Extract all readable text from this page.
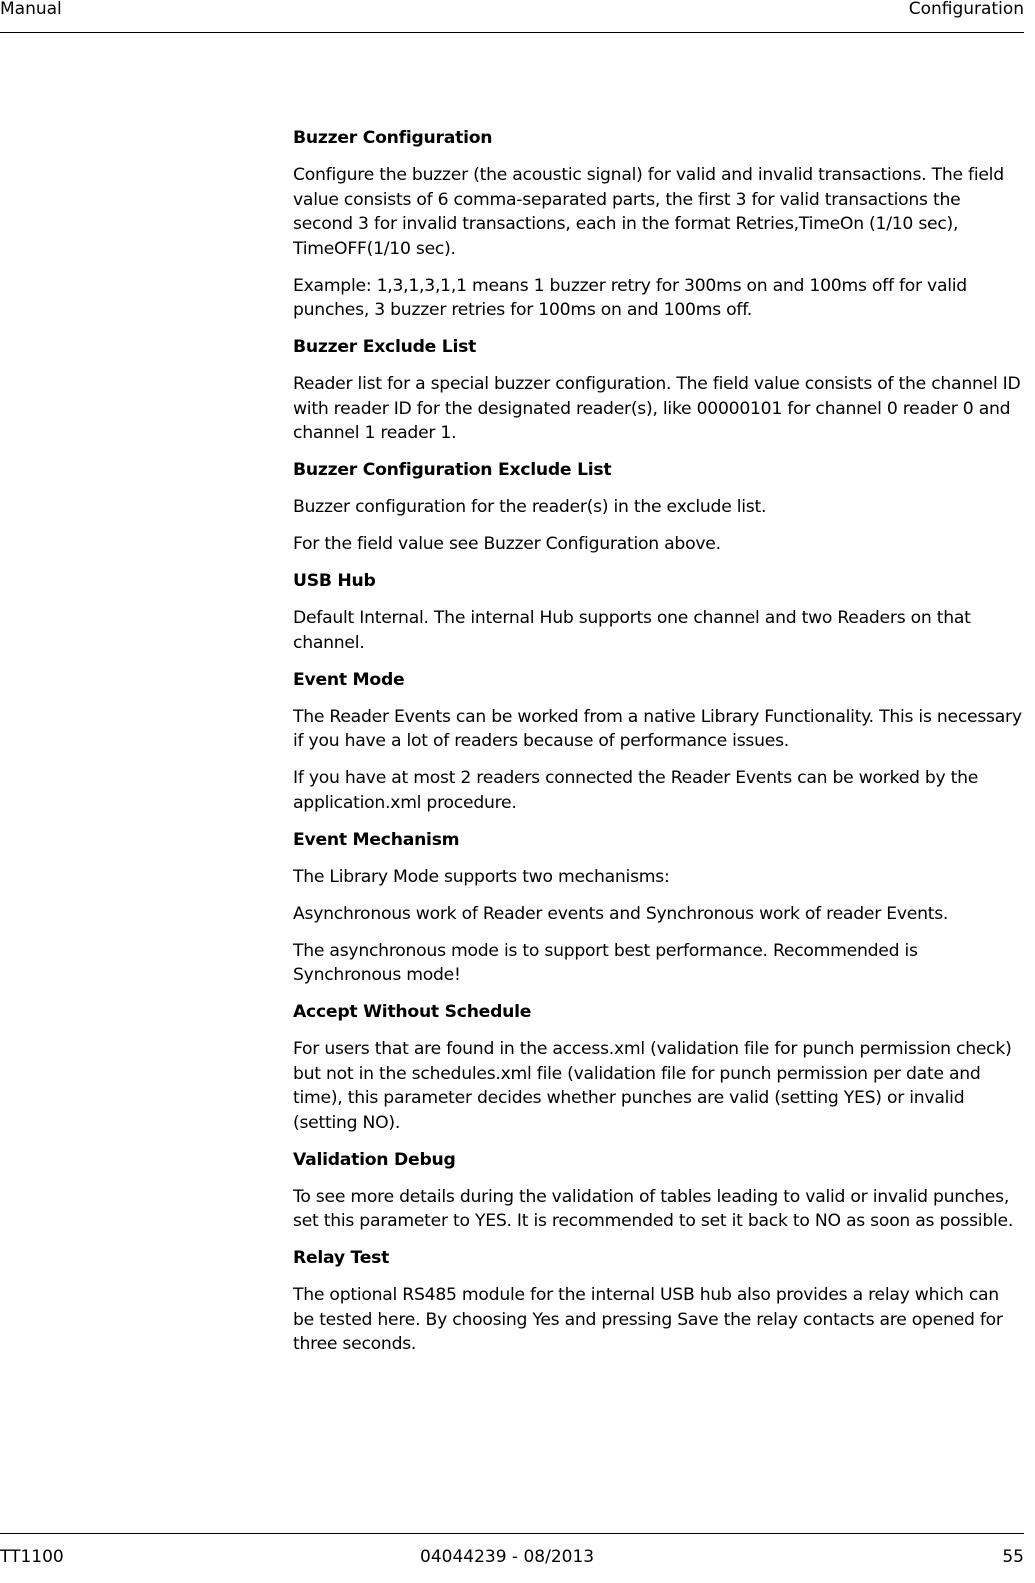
Manual	Configuration
Buzzer Configuration

Configure the buzzer (the acoustic signal) for valid and invalid transactions. The field value consists of 6 comma-separated parts, the first 3 for valid transactions the second 3 for invalid transactions, each in the format Retries,TimeOn (1/10 sec), TimeOFF(1/10 sec).

Example: 1,3,1,3,1,1 means 1 buzzer retry for 300ms on and 100ms off for valid punches, 3 buzzer retries for 100ms on and 100ms off.

Buzzer Exclude List

Reader list for a special buzzer configuration. The field value consists of the channel ID with reader ID for the designated reader(s), like 00000101 for channel 0 reader 0 and channel 1 reader 1.

Buzzer Configuration Exclude List

Buzzer configuration for the reader(s) in the exclude list.

For the field value see Buzzer Configuration above.

USB Hub

Default Internal. The internal Hub supports one channel and two Readers on that channel.

Event Mode

The Reader Events can be worked from a native Library Functionality. This is necessary if you have a lot of readers because of performance issues.

If you have at most 2 readers connected the Reader Events can be worked by the application.xml procedure.

Event Mechanism

The Library Mode supports two mechanisms:

Asynchronous work of Reader events and Synchronous work of reader Events.

The asynchronous mode is to support best performance. Recommended is Synchronous mode!

Accept Without Schedule

For users that are found in the access.xml (validation file for punch permission check) but not in the schedules.xml file (validation file for punch permission per date and time), this parameter decides whether punches are valid (setting YES) or invalid (setting NO).

Validation Debug

To see more details during the validation of tables leading to valid or invalid punches, set this parameter to YES. It is recommended to set it back to NO as soon as possible.

Relay Test

The optional RS485 module for the internal USB hub also provides a relay which can be tested here. By choosing Yes and pressing Save the relay contacts are opened for three seconds.

TT1100	04044239 - 08/2013	55
